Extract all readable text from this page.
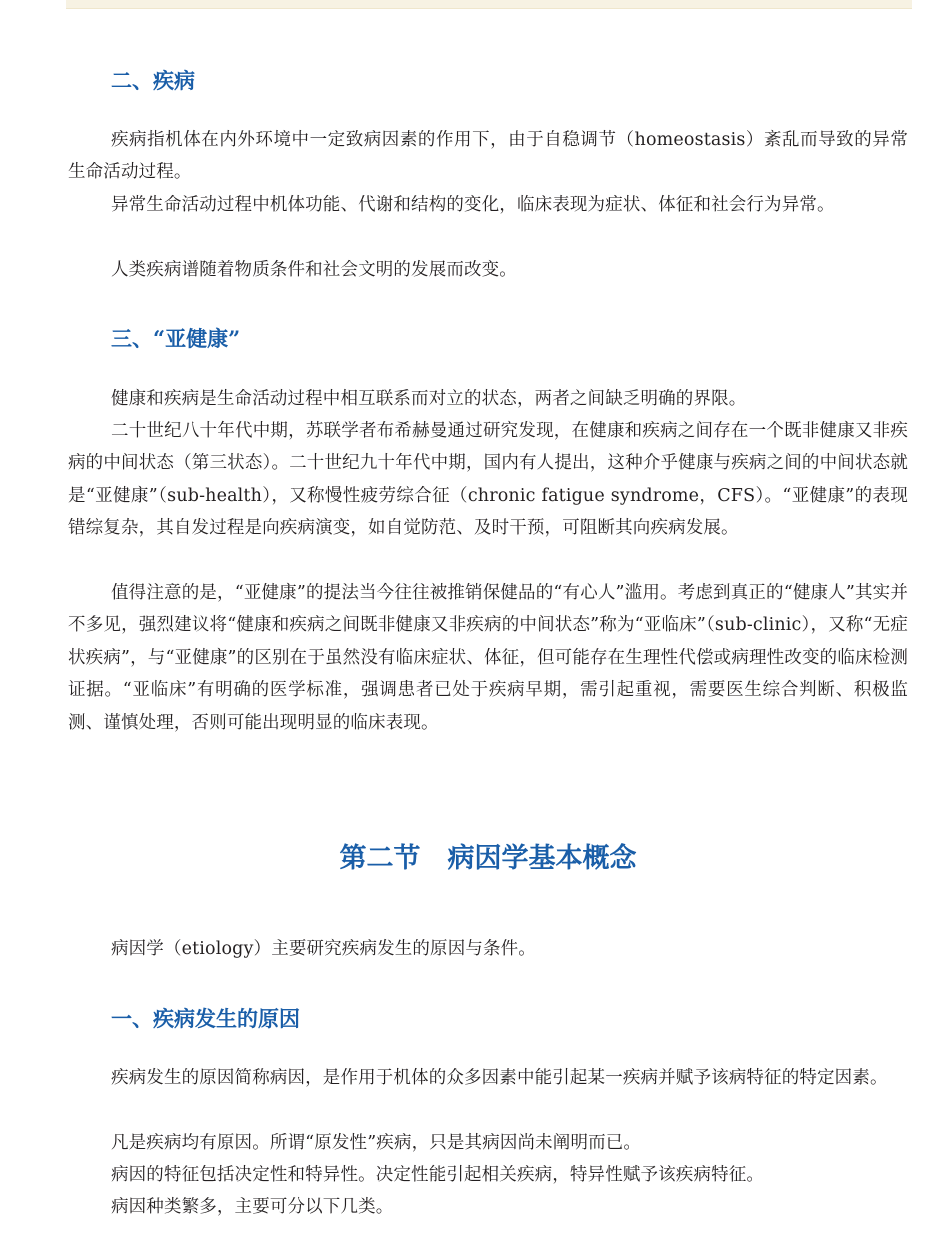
二、疾病

疾病指机体在内外环境中一定致病因素的作用下，由于自稳调节（homeostasis）紊乱而导致的异常生命活动过程。

异常生命活动过程中机体功能、代谢和结构的变化，临床表现为症状、体征和社会行为异常。

人类疾病谱随着物质条件和社会文明的发展而改变。

三、“亚健康”

健康和疾病是生命活动过程中相互联系而对立的状态，两者之间缺乏明确的界限。

二十世纪八十年代中期，苏联学者布希赫曼通过研究发现，在健康和疾病之间存在一个既非健康又非疾病的中间状态（第三状态）。二十世纪九十年代中期，国内有人提出，这种介乎健康与疾病之间的中间状态就是“亚健康”（sub-health），又称慢性疲劳综合征（chronic fatigue syndrome，CFS）。“亚健康”的表现错综复杂，其自发过程是向疾病演变，如自觉防范、及时干预，可阻断其向疾病发展。

值得注意的是，“亚健康”的提法当今往往被推销保健品的“有心人”滥用。考虑到真正的“健康人”其实并不多见，强烈建议将“健康和疾病之间既非健康又非疾病的中间状态”称为“亚临床”（sub-clinic），又称“无症状疾病”，与“亚健康”的区别在于虽然没有临床症状、体征，但可能存在生理性代偿或病理性改变的临床检测证据。“亚临床”有明确的医学标准，强调患者已处于疾病早期，需引起重视，需要医生综合判断、积极监测、谨慎处理，否则可能出现明显的临床表现。

第二节　病因学基本概念

病因学（etiology）主要研究疾病发生的原因与条件。

一、疾病发生的原因

疾病发生的原因简称病因，是作用于机体的众多因素中能引起某一疾病并赋予该病特征的特定因素。

凡是疾病均有原因。所谓“原发性”疾病，只是其病因尚未阐明而已。

病因的特征包括决定性和特异性。决定性能引起相关疾病，特异性赋予该疾病特征。

病因种类繁多，主要可分以下几类。
